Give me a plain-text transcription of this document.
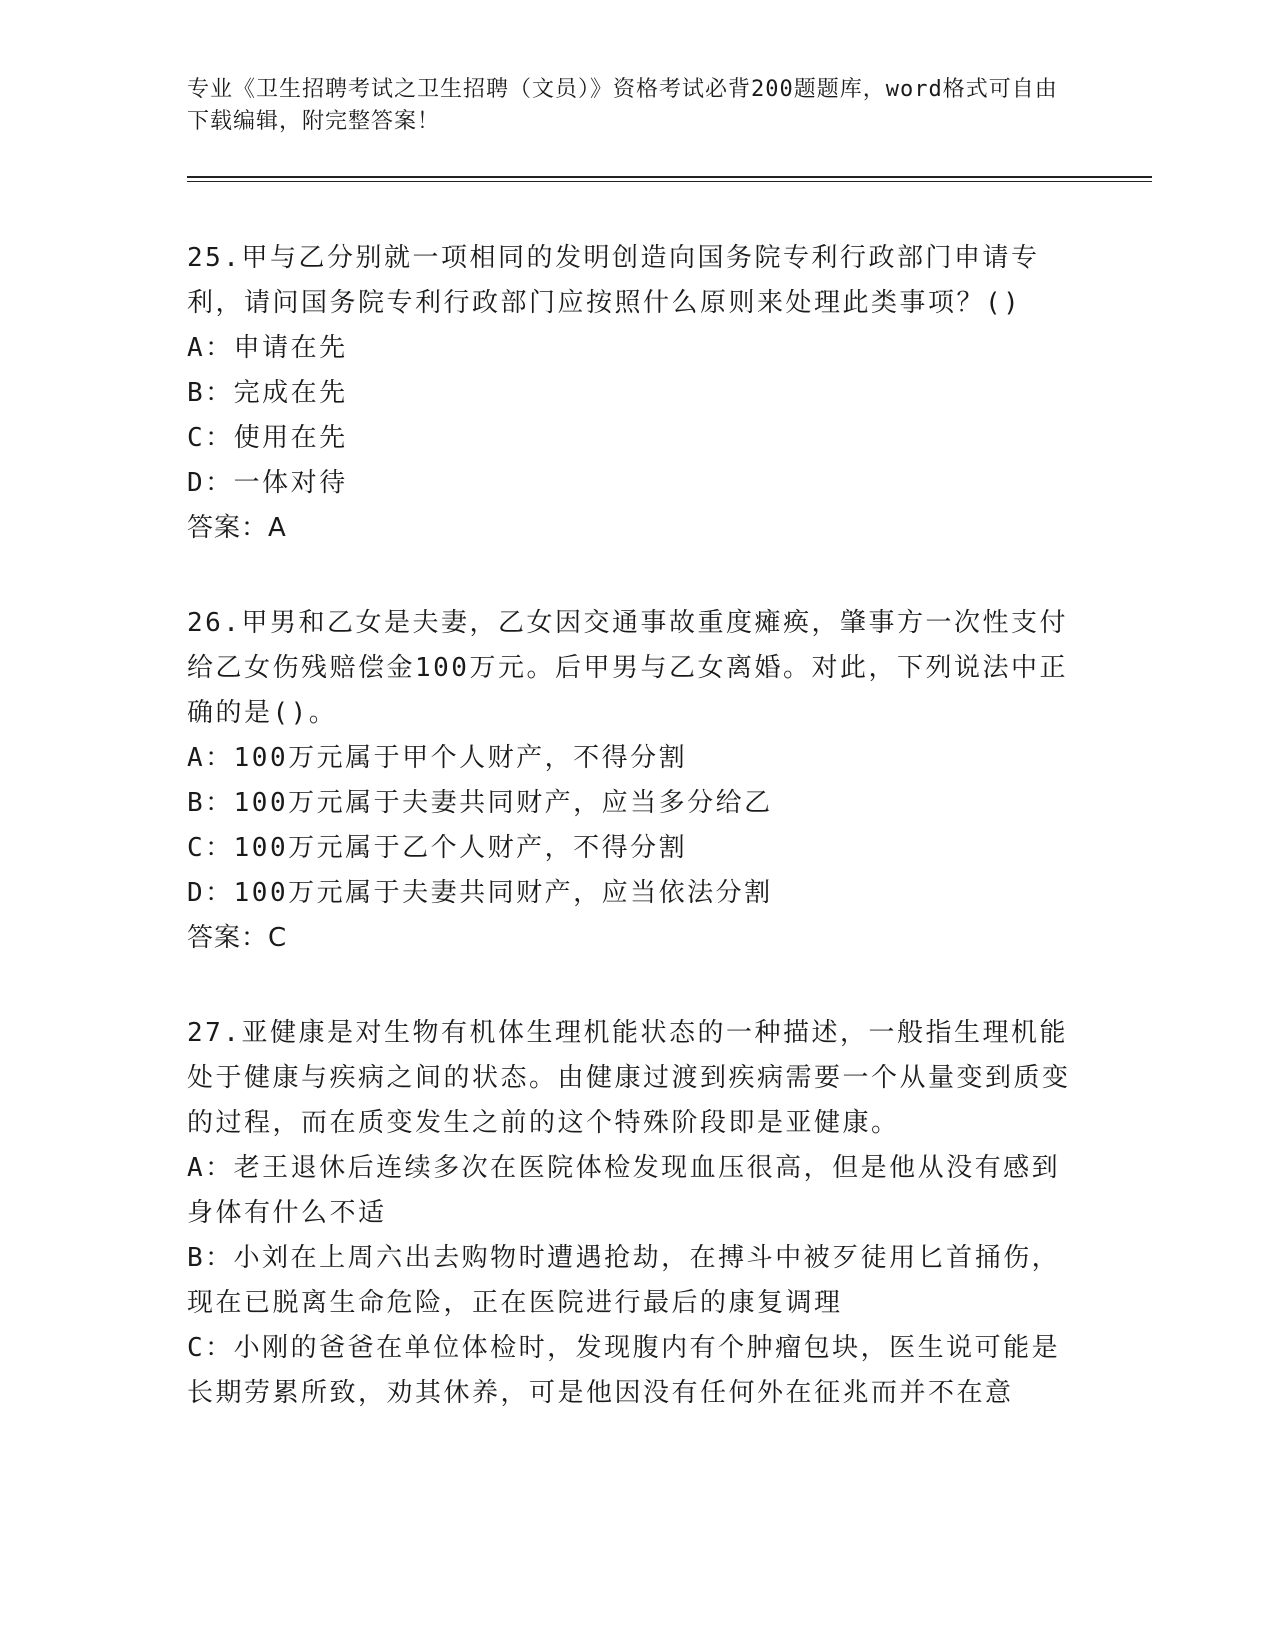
专业《卫生招聘考试之卫生招聘（文员）》资格考试必背200题题库，word格式可自由下载编辑，附完整答案！

25.甲与乙分别就一项相同的发明创造向国务院专利行政部门申请专利，请问国务院专利行政部门应按照什么原则来处理此类事项？()

A：申请在先

B：完成在先

C：使用在先

D：一体对待

答案：A

26.甲男和乙女是夫妻，乙女因交通事故重度瘫痪，肇事方一次性支付给乙女伤残赔偿金100万元。后甲男与乙女离婚。对此，下列说法中正确的是()。

A：100万元属于甲个人财产，不得分割

B：100万元属于夫妻共同财产，应当多分给乙

C：100万元属于乙个人财产，不得分割

D：100万元属于夫妻共同财产，应当依法分割

答案：C

27.亚健康是对生物有机体生理机能状态的一种描述，一般指生理机能处于健康与疾病之间的状态。由健康过渡到疾病需要一个从量变到质变的过程，而在质变发生之前的这个特殊阶段即是亚健康。

A：老王退休后连续多次在医院体检发现血压很高，但是他从没有感到身体有什么不适

B：小刘在上周六出去购物时遭遇抢劫，在搏斗中被歹徒用匕首捅伤，现在已脱离生命危险，正在医院进行最后的康复调理

C：小刚的爸爸在单位体检时，发现腹内有个肿瘤包块，医生说可能是长期劳累所致，劝其休养，可是他因没有任何外在征兆而并不在意
